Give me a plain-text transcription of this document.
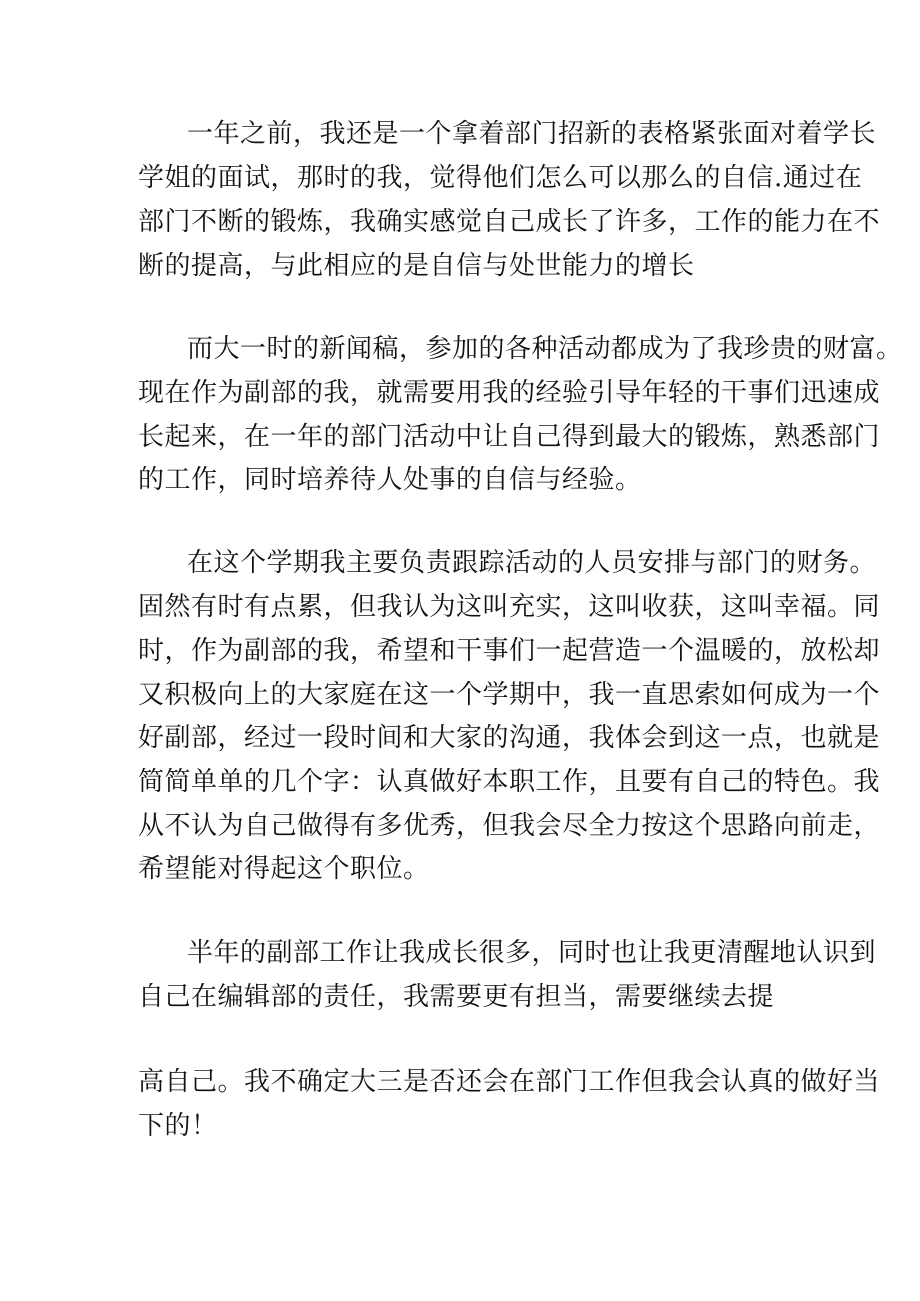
一年之前，我还是一个拿着部门招新的表格紧张面对着学长
学姐的面试，那时的我，觉得他们怎么可以那么的自信.通过在
部门不断的锻炼，我确实感觉自己成长了许多，工作的能力在不
断的提高，与此相应的是自信与处世能力的增长
而大一时的新闻稿，参加的各种活动都成为了我珍贵的财富。
现在作为副部的我，就需要用我的经验引导年轻的干事们迅速成
长起来，在一年的部门活动中让自己得到最大的锻炼，熟悉部门
的工作，同时培养待人处事的自信与经验。
在这个学期我主要负责跟踪活动的人员安排与部门的财务。
固然有时有点累，但我认为这叫充实，这叫收获，这叫幸福。同
时，作为副部的我，希望和干事们一起营造一个温暖的，放松却
又积极向上的大家庭在这一个学期中，我一直思索如何成为一个
好副部，经过一段时间和大家的沟通，我体会到这一点，也就是
简简单单的几个字：认真做好本职工作，且要有自己的特色。我
从不认为自己做得有多优秀，但我会尽全力按这个思路向前走，
希望能对得起这个职位。
半年的副部工作让我成长很多，同时也让我更清醒地认识到
自己在编辑部的责任，我需要更有担当，需要继续去提
高自己。我不确定大三是否还会在部门工作但我会认真的做好当
下的！
